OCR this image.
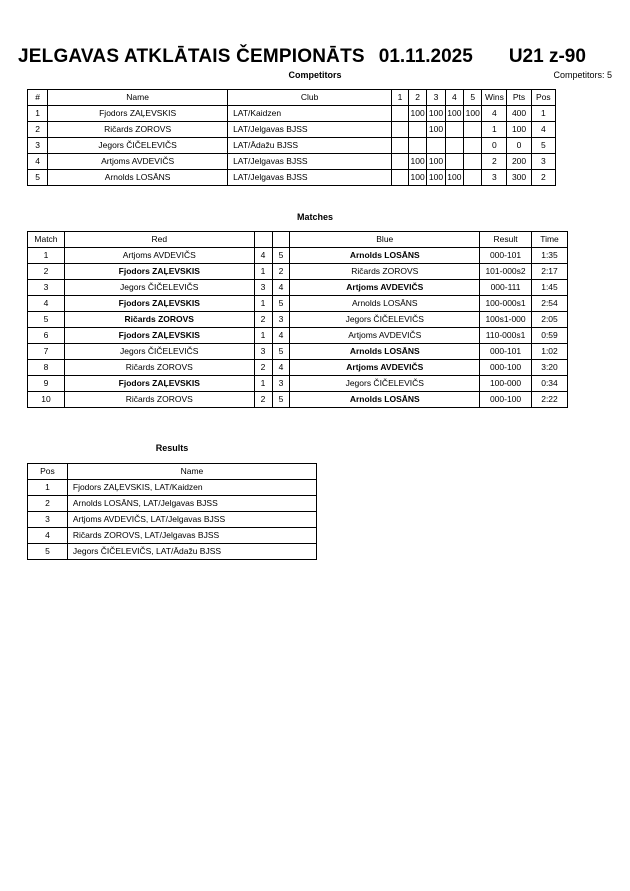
JELGAVAS ATKLĀTAIS ČEMPIONĀTS 01.11.2025 U21 z-90
Competitors	Competitors: 5
#	Name	Club	1	2	3	4	5	Wins	Pts	Pos
1	Fjodors ZAĻEVSKIS	LAT/Kaidzen		100	100	100	100	4	400	1
2	Ričards ZOROVS	LAT/Jelgavas BJSS			100			1	100	4
3	Jegors ČIČELEVIČS	LAT/Ādažu BJSS						0	0	5
4	Artjoms AVDEVIČS	LAT/Jelgavas BJSS		100	100			2	200	3
5	Arnolds LOSĀNS	LAT/Jelgavas BJSS		100	100	100		3	300	2
Matches
Match	Red			Blue	Result	Time
1	Artjoms AVDEVIČS	4	5	Arnolds LOSĀNS	000-101	1:35
2	Fjodors ZAĻEVSKIS	1	2	Ričards ZOROVS	101-000s2	2:17
3	Jegors ČIČELEVIČS	3	4	Artjoms AVDEVIČS	000-111	1:45
4	Fjodors ZAĻEVSKIS	1	5	Arnolds LOSĀNS	100-000s1	2:54
5	Ričards ZOROVS	2	3	Jegors ČIČELEVIČS	100s1-000	2:05
6	Fjodors ZAĻEVSKIS	1	4	Artjoms AVDEVIČS	110-000s1	0:59
7	Jegors ČIČELEVIČS	3	5	Arnolds LOSĀNS	000-101	1:02
8	Ričards ZOROVS	2	4	Artjoms AVDEVIČS	000-100	3:20
9	Fjodors ZAĻEVSKIS	1	3	Jegors ČIČELEVIČS	100-000	0:34
10	Ričards ZOROVS	2	5	Arnolds LOSĀNS	000-100	2:22
Results
Pos	Name
1	Fjodors ZAĻEVSKIS, LAT/Kaidzen
2	Arnolds LOSĀNS, LAT/Jelgavas BJSS
3	Artjoms AVDEVIČS, LAT/Jelgavas BJSS
4	Ričards ZOROVS, LAT/Jelgavas BJSS
5	Jegors ČIČELEVIČS, LAT/Ādažu BJSS
